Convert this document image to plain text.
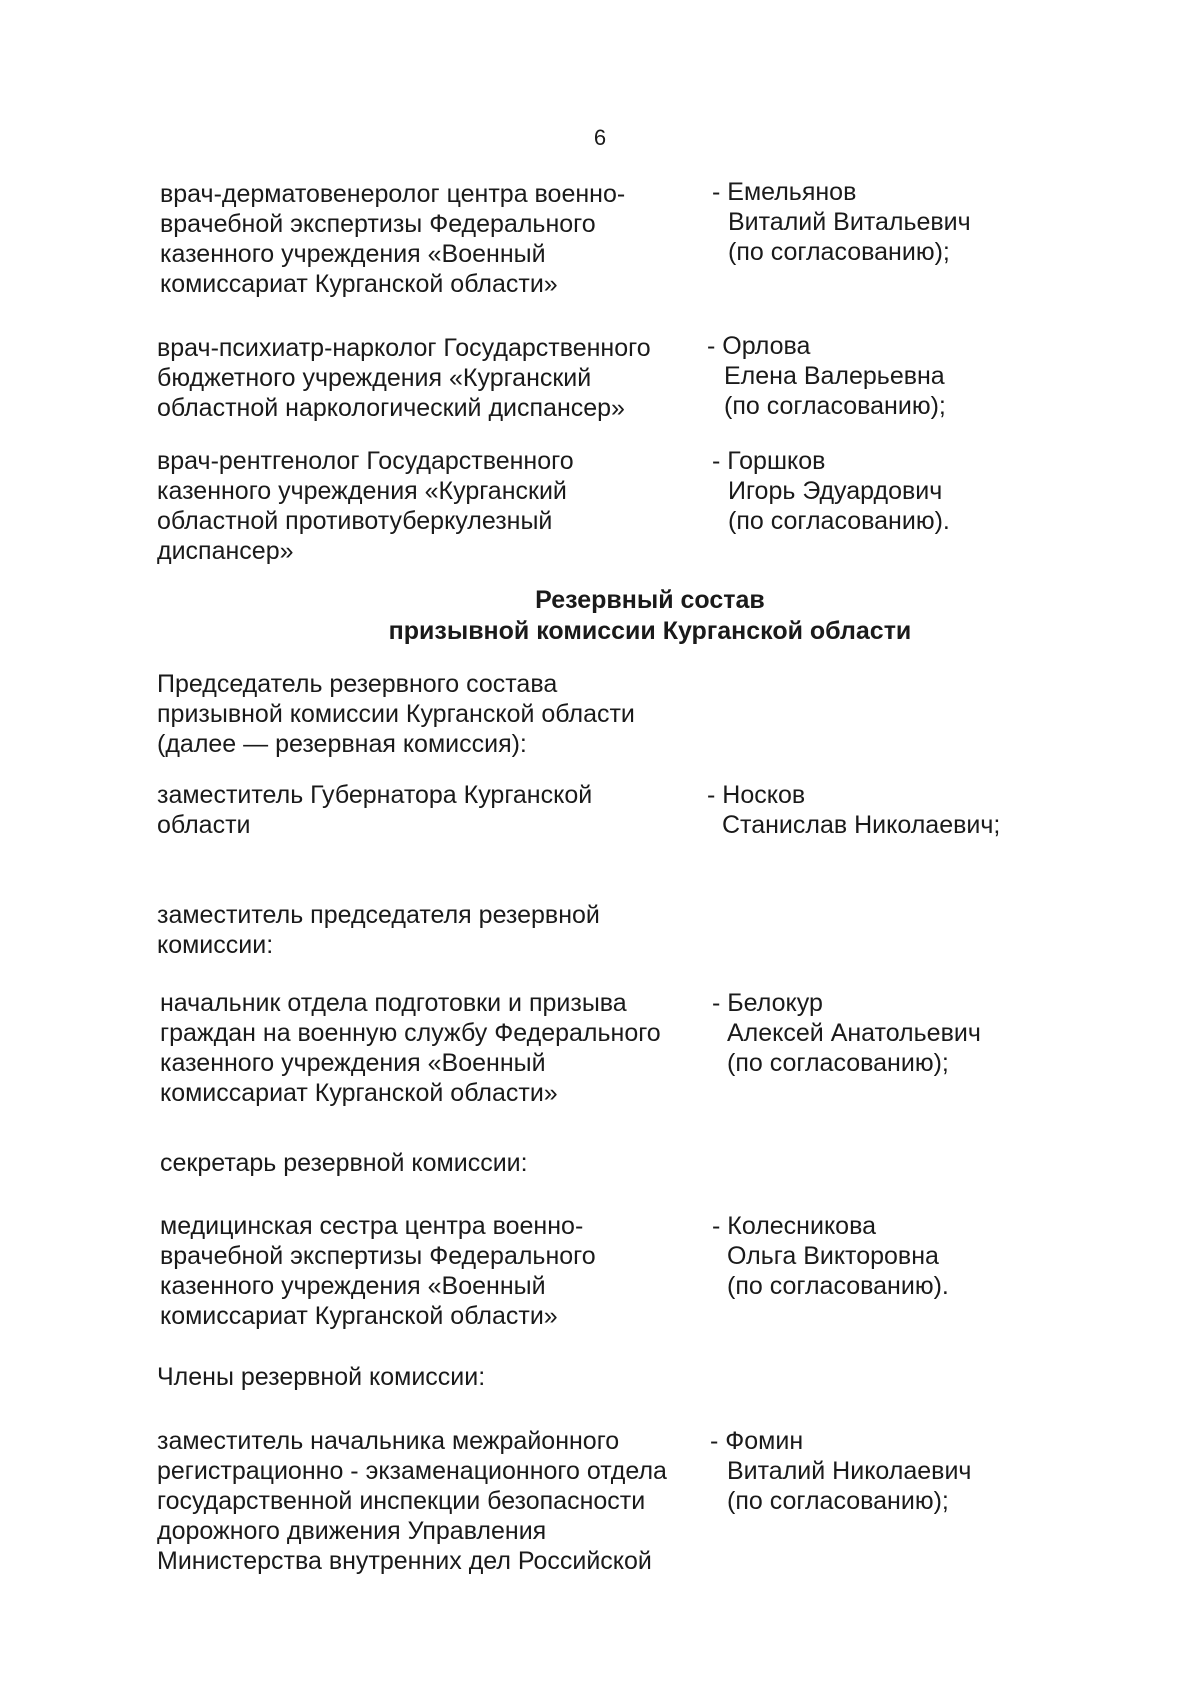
6
врач-дерматовенеролог центра военно-
врачебной экспертизы Федерального
казенного учреждения «Военный
комиссариат Курганской области»
- Емельянов
Виталий Витальевич
(по согласованию);
врач-психиатр-нарколог Государственного
бюджетного учреждения «Курганский
областной наркологический диспансер»
- Орлова
Елена Валерьевна
(по согласованию);
врач-рентгенолог Государственного
казенного учреждения «Курганский
областной противотуберкулезный
диспансер»
- Горшков
Игорь Эдуардович
(по согласованию).
Резервный состав
призывной комиссии Курганской области
Председатель резервного состава
призывной комиссии Курганской области
(далее — резервная комиссия):
заместитель Губернатора Курганской
области
- Носков
Станислав Николаевич;
заместитель председателя резервной
комиссии:
начальник отдела подготовки и призыва
граждан на военную службу Федерального
казенного учреждения «Военный
комиссариат Курганской области»
- Белокур
Алексей Анатольевич
(по согласованию);
секретарь резервной комиссии:
медицинская сестра центра военно-
врачебной экспертизы Федерального
казенного учреждения «Военный
комиссариат Курганской области»
- Колесникова
Ольга Викторовна
(по согласованию).
Члены резервной комиссии:
заместитель начальника межрайонного
регистрационно - экзаменационного отдела
государственной инспекции безопасности
дорожного движения Управления
Министерства внутренних дел Российской
- Фомин
Виталий Николаевич
(по согласованию);
